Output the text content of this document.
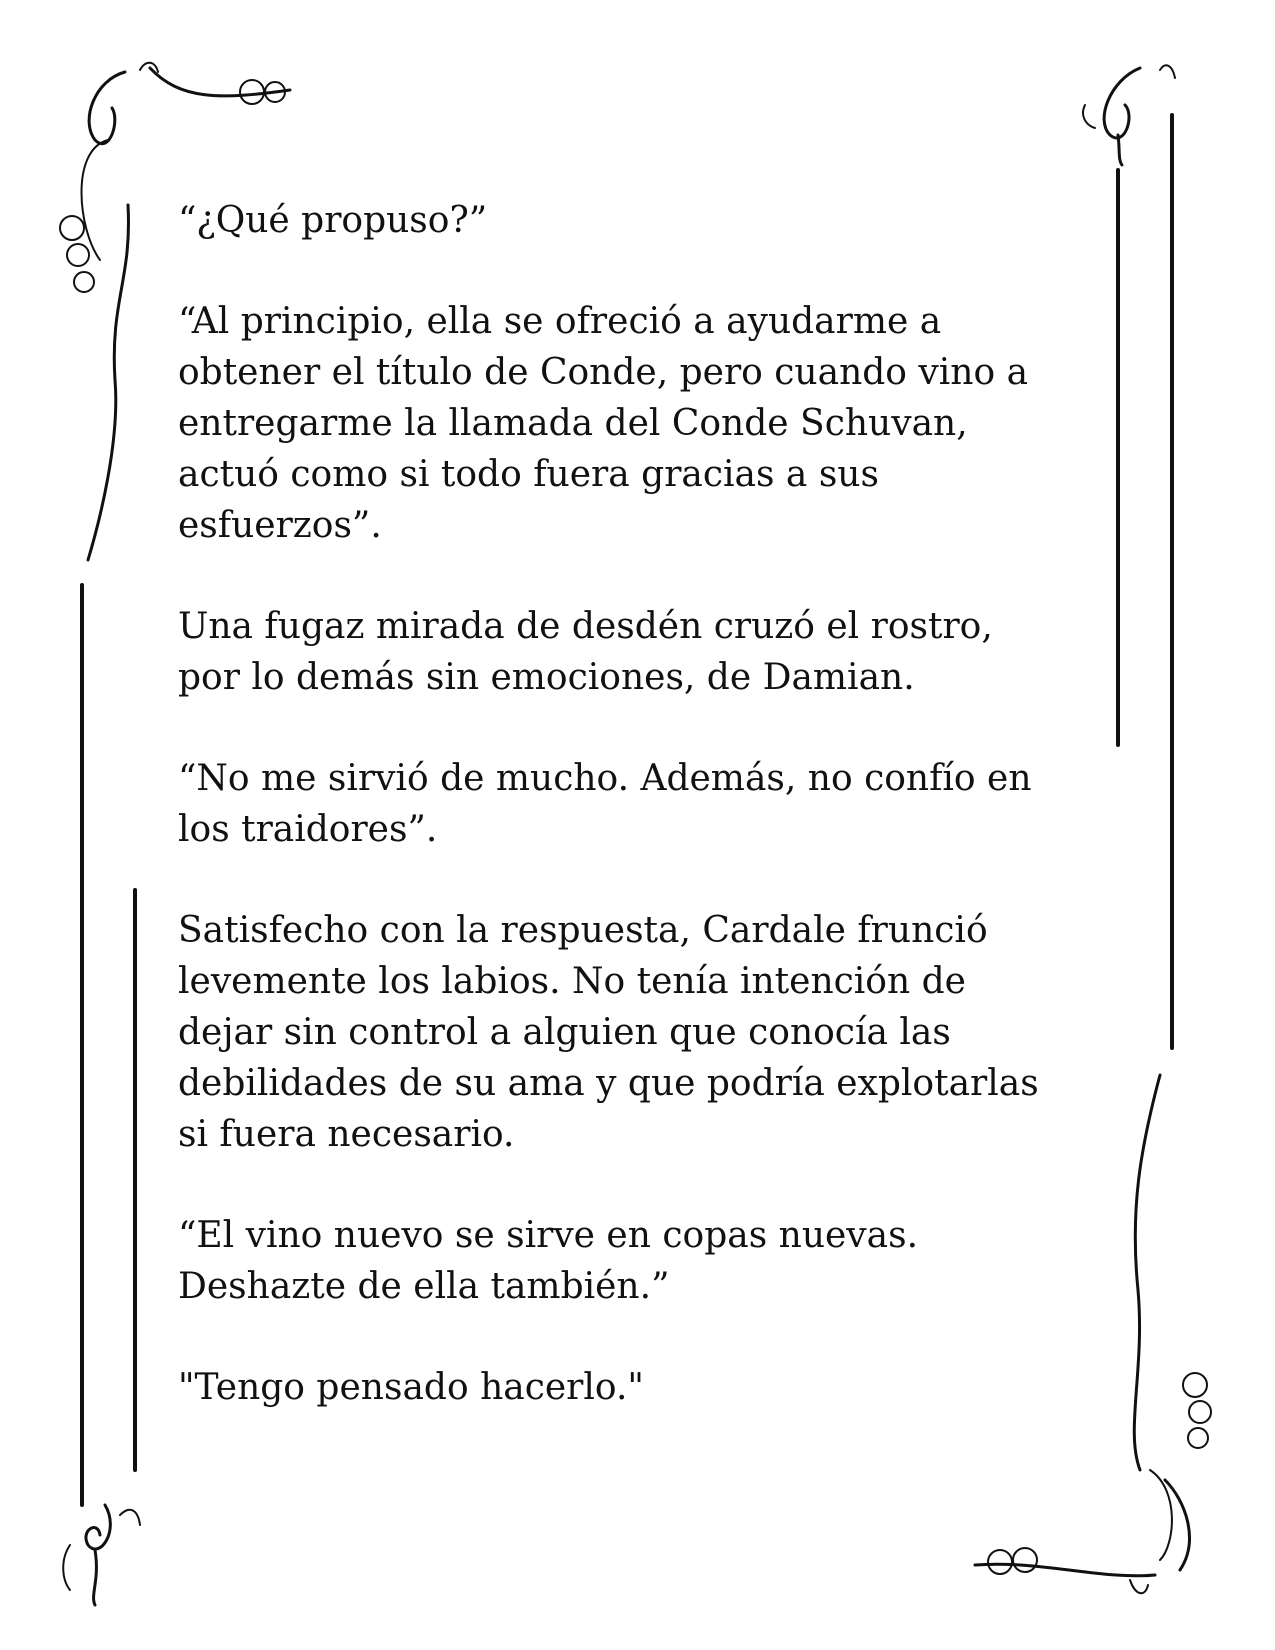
“¿Qué propuso?”

“Al principio, ella se ofreció a ayudarme a
obtener el título de Conde, pero cuando vino a
entregarme la llamada del Conde Schuvan,
actuó como si todo fuera gracias a sus
esfuerzos”.

Una fugaz mirada de desdén cruzó el rostro,
por lo demás sin emociones, de Damian.

“No me sirvió de mucho. Además, no confío en
los traidores”.

Satisfecho con la respuesta, Cardale frunció
levemente los labios. No tenía intención de
dejar sin control a alguien que conocía las
debilidades de su ama y que podría explotarlas
si fuera necesario.

“El vino nuevo se sirve en copas nuevas.
Deshazte de ella también.”

"Tengo pensado hacerlo."
